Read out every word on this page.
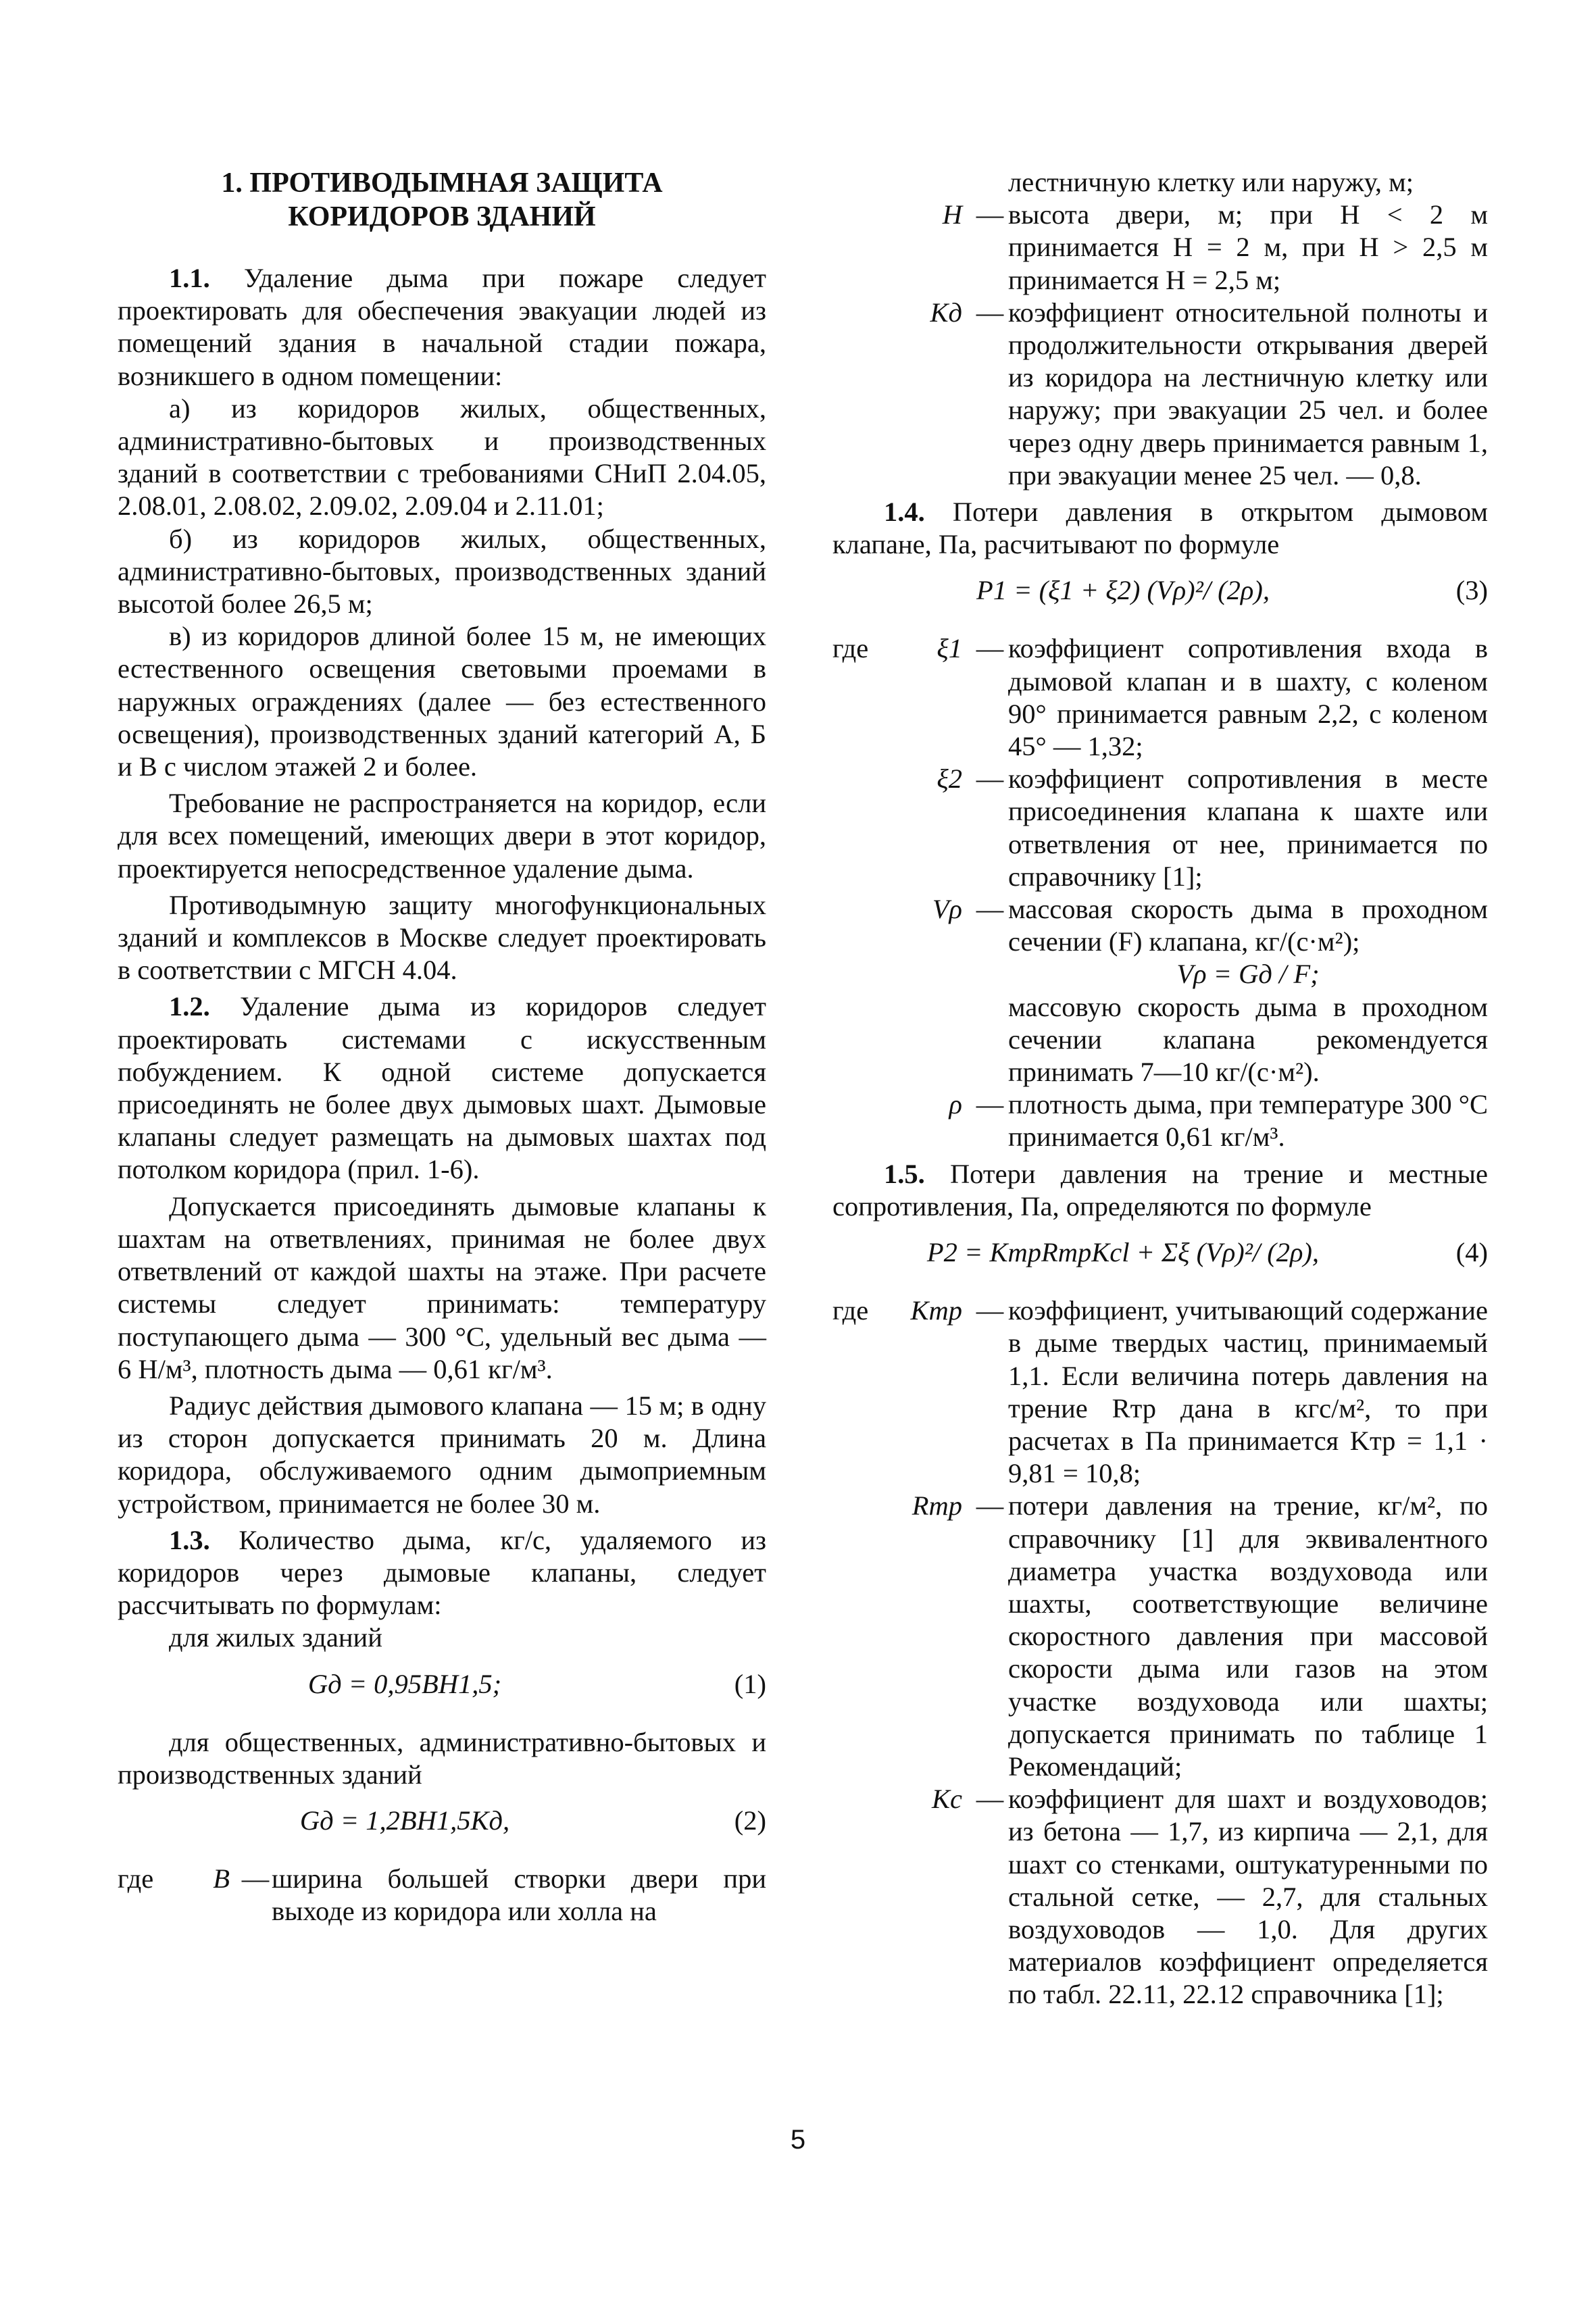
1. ПРОТИВОДЫМНАЯ ЗАЩИТА
КОРИДОРОВ ЗДАНИЙ

1.1. Удаление дыма при пожаре следует проектировать для обеспечения эвакуации людей из помещений здания в начальной стадии пожара, возникшего в одном помещении:

а) из коридоров жилых, общественных, административно-бытовых и производственных зданий в соответствии с требованиями СНиП 2.04.05, 2.08.01, 2.08.02, 2.09.02, 2.09.04 и 2.11.01;

б) из коридоров жилых, общественных, административно-бытовых, производственных зданий высотой более 26,5 м;

в) из коридоров длиной более 15 м, не имеющих естественного освещения световыми проемами в наружных ограждениях (далее — без естественного освещения), производственных зданий категорий А, Б и В с числом этажей 2 и более.

Требование не распространяется на коридор, если для всех помещений, имеющих двери в этот коридор, проектируется непосредственное удаление дыма.

Противодымную защиту многофункциональных зданий и комплексов в Москве следует проектировать в соответствии с МГСН 4.04.

1.2. Удаление дыма из коридоров следует проектировать системами с искусственным побуждением. К одной системе допускается присоединять не более двух дымовых шахт. Дымовые клапаны следует размещать на дымовых шахтах под потолком коридора (прил. 1-6).

Допускается присоединять дымовые клапаны к шахтам на ответвлениях, принимая не более двух ответвлений от каждой шахты на этаже. При расчете системы следует принимать: температуру поступающего дыма — 300 °С, удельный вес дыма — 6 Н/м³, плотность дыма — 0,61 кг/м³.

Радиус действия дымового клапана — 15 м; в одну из сторон допускается принимать 20 м. Длина коридора, обслуживаемого одним дымоприемным устройством, принимается не более 30 м.

1.3. Количество дыма, кг/с, удаляемого из коридоров через дымовые клапаны, следует рассчитывать по формулам:

для жилых зданий

Gд = 0,95BH1,5;	(1)

для общественных, административно-бытовых и производственных зданий

Gд = 1,2BH1,5Kд,	(2)
где	B — ширина большей створки двери при выходе из коридора или холла на
лестничную клетку или наружу, м;
H — высота двери, м; при H < 2 м принимается H = 2 м, при H > 2,5 м принимается H = 2,5 м;
Kд — коэффициент относительной полноты и продолжительности открывания дверей из коридора на лестничную клетку или наружу; при эвакуации 25 чел. и более через одну дверь принимается равным 1, при эвакуации менее 25 чел. — 0,8.

1.4. Потери давления в открытом дымовом клапане, Па, расчитывают по формуле

P1 = (ξ1 + ξ2) (Vρ)²/ (2ρ),	(3)
где	ξ1 — коэффициент сопротивления входа в дымовой клапан и в шахту, с коленом 90° принимается равным 2,2, с коленом 45° — 1,32;
ξ2 — коэффициент сопротивления в месте присоединения клапана к шахте или ответвления от нее, принимается по справочнику [1];
Vρ — массовая скорость дыма в проходном сечении (F) клапана, кг/(с·м²);
Vρ = Gд / F;
массовую скорость дыма в проходном сечении клапана рекомендуется принимать 7—10 кг/(с·м²).
ρ — плотность дыма, при температуре 300 °С принимается 0,61 кг/м³.

1.5. Потери давления на трение и местные сопротивления, Па, определяются по формуле

P2 = KтрRтрKсl + Σξ (Vρ)²/ (2ρ),	(4)
где	Kтр — коэффициент, учитывающий содержание в дыме твердых частиц, принимаемый 1,1. Если величина потерь давления на трение Rтр дана в кгс/м², то при расчетах в Па принимается Kтр = 1,1 · 9,81 = 10,8;
Rтр — потери давления на трение, кг/м², по справочнику [1] для эквивалентного диаметра участка воздуховода или шахты, соответствующие величине скоростного давления при массовой скорости дыма или газов на этом участке воздуховода или шахты; допускается принимать по таблице 1 Рекомендаций;
Kс — коэффициент для шахт и воздуховодов; из бетона — 1,7, из кирпича — 2,1, для шахт со стенками, оштукатуренными по стальной сетке, — 2,7, для стальных воздуховодов — 1,0. Для других материалов коэффициент определяется по табл. 22.11, 22.12 справочника [1];
5
